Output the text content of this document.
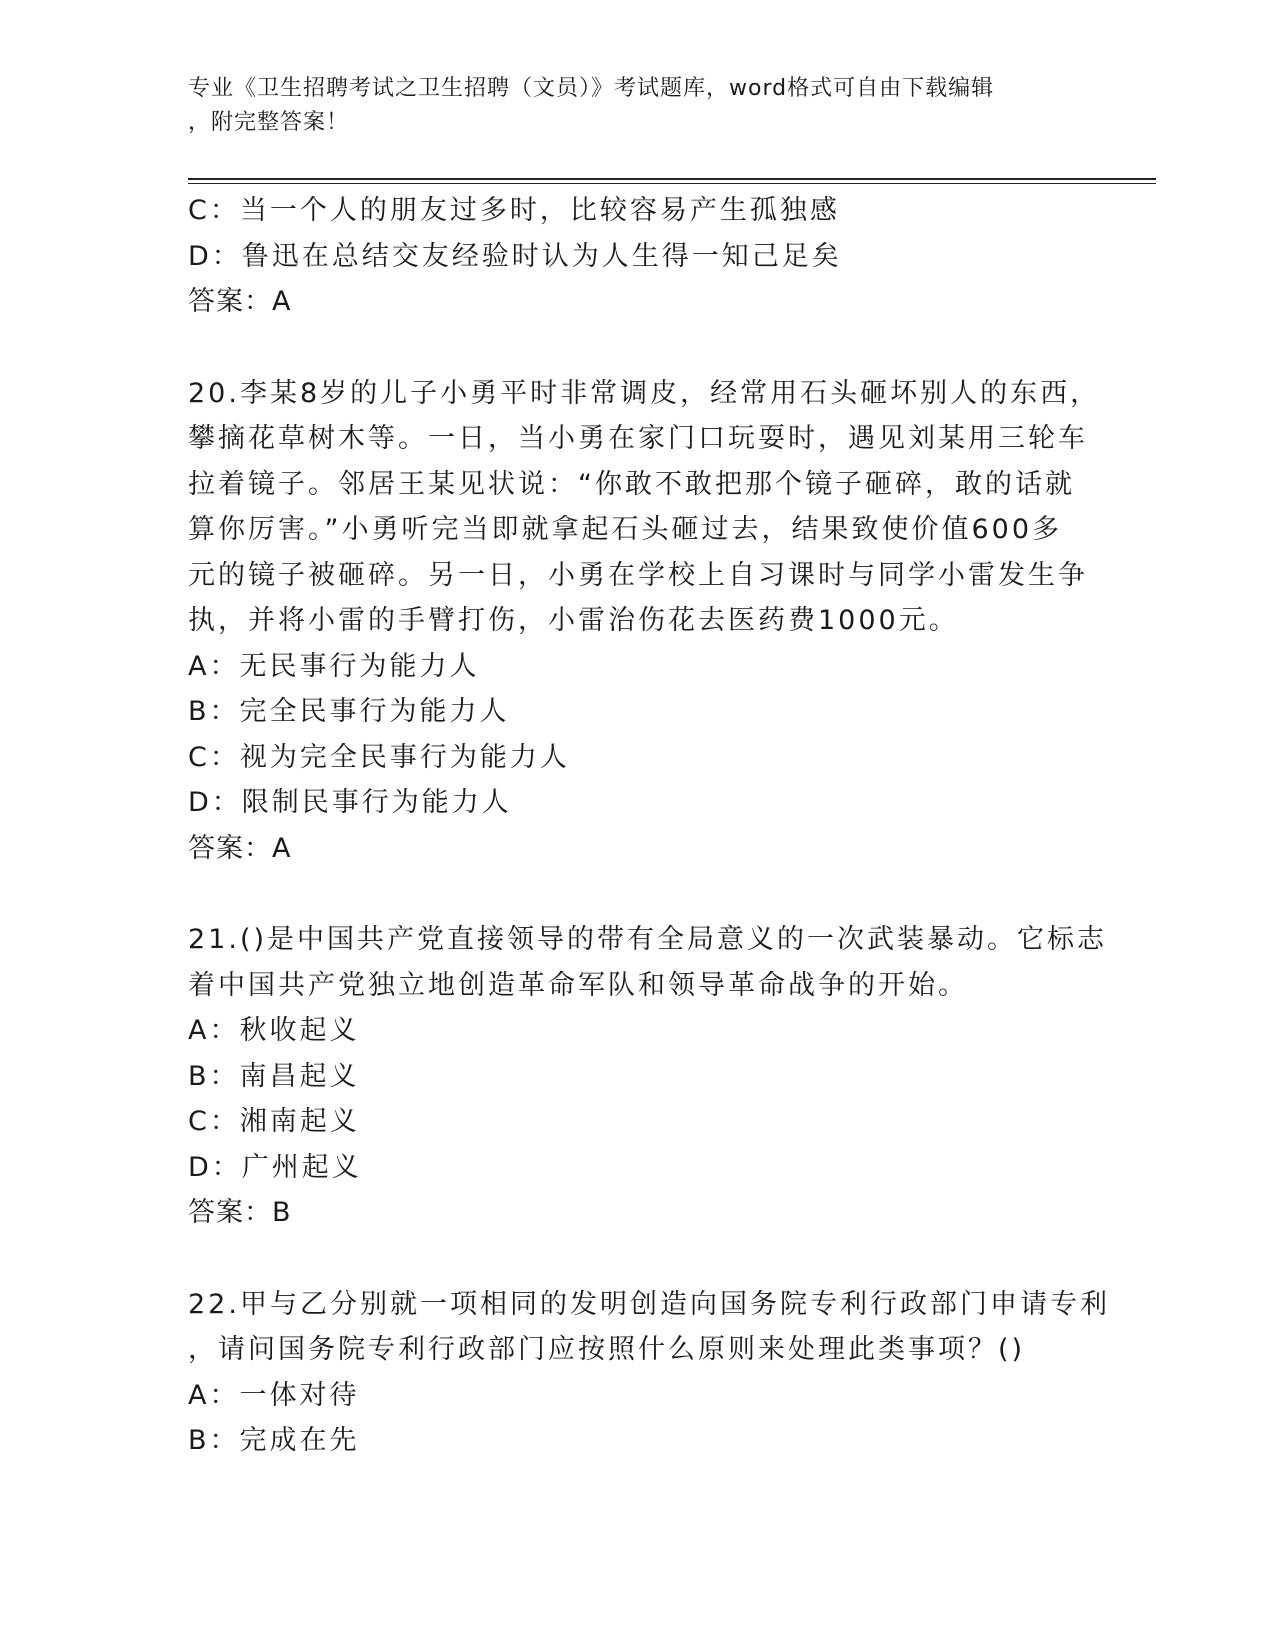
专业《卫生招聘考试之卫生招聘（文员）》考试题库，word格式可自由下载编辑
，附完整答案！
C：当一个人的朋友过多时，比较容易产生孤独感
D：鲁迅在总结交友经验时认为人生得一知己足矣
答案：A
20.李某8岁的儿子小勇平时非常调皮，经常用石头砸坏别人的东西，
攀摘花草树木等。一日，当小勇在家门口玩耍时，遇见刘某用三轮车
拉着镜子。邻居王某见状说：“你敢不敢把那个镜子砸碎，敢的话就
算你厉害。”小勇听完当即就拿起石头砸过去，结果致使价值600多
元的镜子被砸碎。另一日，小勇在学校上自习课时与同学小雷发生争
执，并将小雷的手臂打伤，小雷治伤花去医药费1000元。
A：无民事行为能力人
B：完全民事行为能力人
C：视为完全民事行为能力人
D：限制民事行为能力人
答案：A
21.()是中国共产党直接领导的带有全局意义的一次武装暴动。它标志
着中国共产党独立地创造革命军队和领导革命战争的开始。
A：秋收起义
B：南昌起义
C：湘南起义
D：广州起义
答案：B
22.甲与乙分别就一项相同的发明创造向国务院专利行政部门申请专利
，请问国务院专利行政部门应按照什么原则来处理此类事项？()
A：一体对待
B：完成在先
